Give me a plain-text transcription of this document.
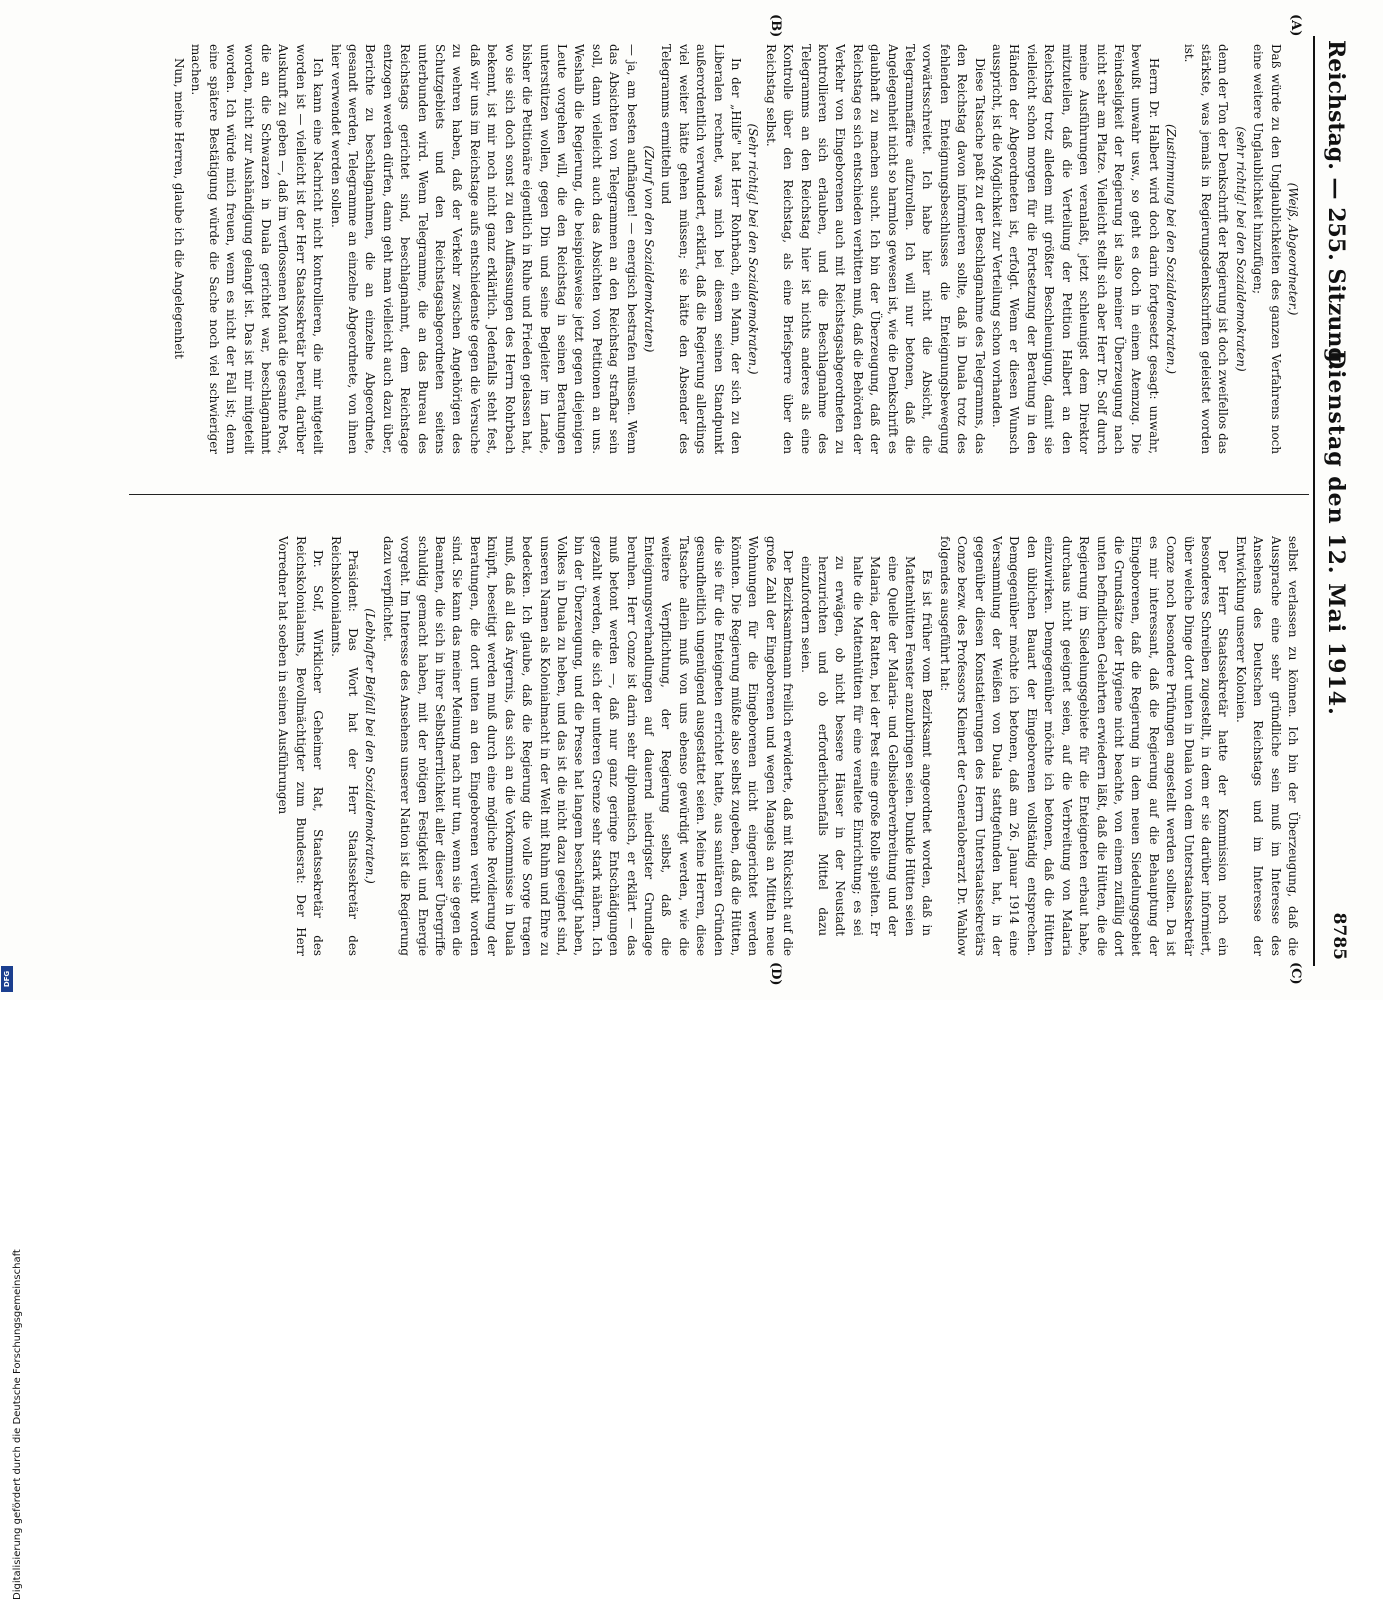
Reichstag. — 255. Sitzung.
Dienstag den 12. Mai 1914.
8785
(A)
(B)
(C)
(D)

(Weiß, Abgeordneter.)

Daß würde zu den Unglaublichkeiten des ganzen Verfahrens noch eine weitere Unglaublichkeit hinzufügen;

(sehr richtig! bei den Sozialdemokraten)

denn der Ton der Denkschrift der Regierung ist doch zweifellos das stärkste, was jemals in Regierungsdenkschriften geleistet worden ist.

(Zustimmung bei den Sozialdemokraten.)

Herrn Dr. Halbert wird doch darin fortgesetzt gesagt: unwahr, bewußt unwahr usw., so geht es doch in einem Atemzug. Die Feindseligkeit der Regierung ist also meiner Überzeugung nach nicht sehr am Platze. Vielleicht stellt sich aber Herr Dr. Solf durch meine Ausführungen veranlaßt, jetzt schleunigst dem Direktor mitzuteilen, daß die Verteilung der Petition Halbert an den Reichstag trotz alledem mit größter Beschleunigung, damit sie vielleicht schon morgen für die Fortsetzung der Beratung in den Händen der Abgeordneten ist, erfolgt. Wenn er diesen Wunsch ausspricht, ist die Möglichkeit zur Verteilung schon vorhanden.

Diese Tatsache paßt zu der Beschlagnahme des Telegramms, das den Reichstag davon informieren sollte, daß in Duala trotz des fehlenden Enteignungsbeschlusses die Enteignungsbewegung vorwärtsschreitet. Ich habe hier nicht die Absicht, die Telegrammaffäre aufzurollen. Ich will nur betonen, daß die Angelegenheit nicht so harmlos gewesen ist, wie die Denkschrift es glaubhaft zu machen sucht. Ich bin der Überzeugung, daß der Reichstag es sich entschieden verbitten muß, daß die Behörden der Verkehr von Eingeborenen auch mit Reichstagsabgeordneten zu kontrollieren sich erlauben, und die Beschlagnahme des Telegramms an den Reichstag hier ist nichts anderes als eine Kontrolle über den Reichstag, als eine Briefsperre über den Reichstag selbst.

(Sehr richtig! bei den Sozialdemokraten.)

In der „Hilfe" hat Herr Rohrbach, ein Mann, der sich zu den Liberalen rechnet, was mich bei diesem seinen Standpunkt außerordentlich verwundert, erklärt, daß die Regierung allerdings viel weiter hätte gehen müssen; sie hätte den Absender des Telegramms ermitteln und

(Zuruf von den Sozialdemokraten)

— ja, am besten aufhängen! — energisch bestrafen müssen. Wenn das Absichten von Telegrammen an den Reichstag strafbar sein soll, dann vielleicht auch das Absichten von Petitionen an uns. Weshalb die Regierung, die beispielsweise jetzt gegen diejenigen Leute vorgehen will, die den Reichstag in seinen Beratungen unterstützen wollen, gegen Din und seine Begleiter im Lande, bisher die Petitionäre eigentlich in Ruhe und Frieden gelassen hat, wo sie sich doch sonst zu den Auffassungen des Herrn Rohrbach bekennt, ist mir noch nicht ganz erklärlich. Jedenfalls steht fest, daß wir uns im Reichstage aufs entschiedenste gegen die Versuche zu wehren haben, daß der Verkehr zwischen Angehörigen des Schutzgebiets und den Reichstagsabgeordneten seitens unterbunden wird. Wenn Telegramme, die an das Bureau des Reichstags gerichtet sind, beschlagnahmt, dem Reichstage entzogen werden dürfen, dann geht man vielleicht auch dazu über, Berichte zu beschlagnahmen, die an einzelne Abgeordnete, gesandt werden, Telegramme an einzelne Abgeordnete, von ihnen hier verwendet werden sollen.

Ich kann eine Nachricht nicht kontrollieren, die mir mitgeteilt worden ist — vielleicht ist der Herr Staatssekretär bereit, darüber Auskunft zu geben —, daß im verflossenen Monat die gesamte Post, die an die Schwarzen in Duala gerichtet war, beschlagnahmt worden, nicht zur Aushändigung gelangt ist. Das ist mir mitgeteilt worden. Ich würde mich freuen, wenn es nicht der Fall ist; denn eine spätere Bestätigung würde die Sache noch viel schwieriger machen.

Nun, meine Herren, glaube ich die Angelegenheit

selbst verlassen zu können. Ich bin der Überzeugung, daß die Aussprache eine sehr gründliche sein muß im Interesse des Ansehens des Deutschen Reichstags und im Interesse der Entwicklung unserer Kolonien.

Der Herr Staatssekretär hatte der Kommission noch ein besonderes Schreiben zugestellt, in dem er sie darüber informiert, über welche Dinge dort unten in Duala von dem Unterstaatssekretär Conze noch besondere Prüfungen angestellt werden sollten. Da ist es mir interessant, daß die Regierung auf die Behauptung der Eingeborenen, daß die Regierung in dem neuen Siedelungsgebiet die Grundsätze der Hygiene nicht beachte, von einem zufällig dort unten befindlichen Gelehrten erwiedern läßt, daß die Hütten, die die Regierung im Siedelungsgebiete für die Enteigneten erbaut habe, durchaus nicht geeignet seien, auf die Verbreitung von Malaria einzuwirken. Demgegenüber möchte ich betonen, daß die Hütten den üblichen Bauart der Eingeborenen vollständig entsprechen. Demgegenüber möchte ich betonen, daß am 26. Januar 1914 eine Versammlung der Weißen von Duala stattgefunden hat, in der gegenüber diesen Konstatierungen des Herrn Unterstaatssekretärs Conze bezw. des Professors Kleinert der Generaloberarzt Dr. Wahlow folgendes ausgeführt hat:

Es ist früher vom Bezirksamt angeordnet worden, daß in Mattenhütten Fenster anzubringen seien. Dunkle Hütten seien eine Quelle der Malaria- und Gelbsieberverbreitung und der Malaria, der Ratten, bei der Pest eine große Rolle spielten. Er halte die Mattenhütten für eine veraltete Einrichtung; es sei zu erwägen, ob nicht bessere Häuser in der Neustadt herzurichten und ob erforderlichenfalls Mittel dazu einzufordern seien.

Der Bezirksamtmann freilich erwiderte, daß mit Rücksicht auf die große Zahl der Eingeborenen und wegen Mangels an Mitteln neue Wohnungen für die Eingeborenen nicht eingerichtet werden könnten. Die Regierung müßte also selbst zugeben, daß die Hütten, die sie für die Enteigneten errichtet hatte, aus sanitären Gründen gesundheitlich ungenügend ausgestattet seien. Meine Herren, diese Tatsache allein muß von uns ebenso gewürdigt werden, wie die weitere Verpflichtung, der Regierung selbst, daß die Enteignungsverhandlungen auf dauernd niedrigster Grundlage beruhen. Herr Conze ist darin sehr diplomatisch, er erklärt — das muß betont werden —, daß nur ganz geringe Entschädigungen gezahlt werden, die sich der unteren Grenze sehr stark nähern. Ich bin der Überzeugung, und die Presse hat langem beschäftigt haben, Volkes in Duala zu heben, und das ist die nicht dazu geeignet sind, unseren Namen als Kolonialmacht in der Welt mit Ruhm und Ehre zu bedecken. Ich glaube, daß die Regierung die volle Sorge tragen muß, daß all das Ärgernis, das sich an die Vorkommnisse in Duala knüpft, beseitigt werden muß durch eine mögliche Revidierung der Beratungen, die dort unten an den Eingeborenen verübt worden sind. Sie kann das meiner Meinung nach nur tun, wenn sie gegen die Beamten, die sich in ihrer Selbstherrlichkeit aller dieser Übergriffe schuldig gemacht haben, mit der nötigen Festigkeit und Energie vorgeht. Im Interesse des Ansehens unserer Nation ist die Regierung dazu verpflichtet.

(Lebhafter Beifall bei den Sozialdemokraten.)

Präsident: Das Wort hat der Herr Staatssekretär des Reichskolonialamts.

Dr. Solf, Wirklicher Geheimer Rat, Staatssekretär des Reichskolonialamts, Bevollmächtigter zum Bundesrat: Der Herr Vorredner hat soeben in seinen Ausführungen

Digitalisierung gefördert durch die Deutsche Forschungsgemeinschaft
DFG
